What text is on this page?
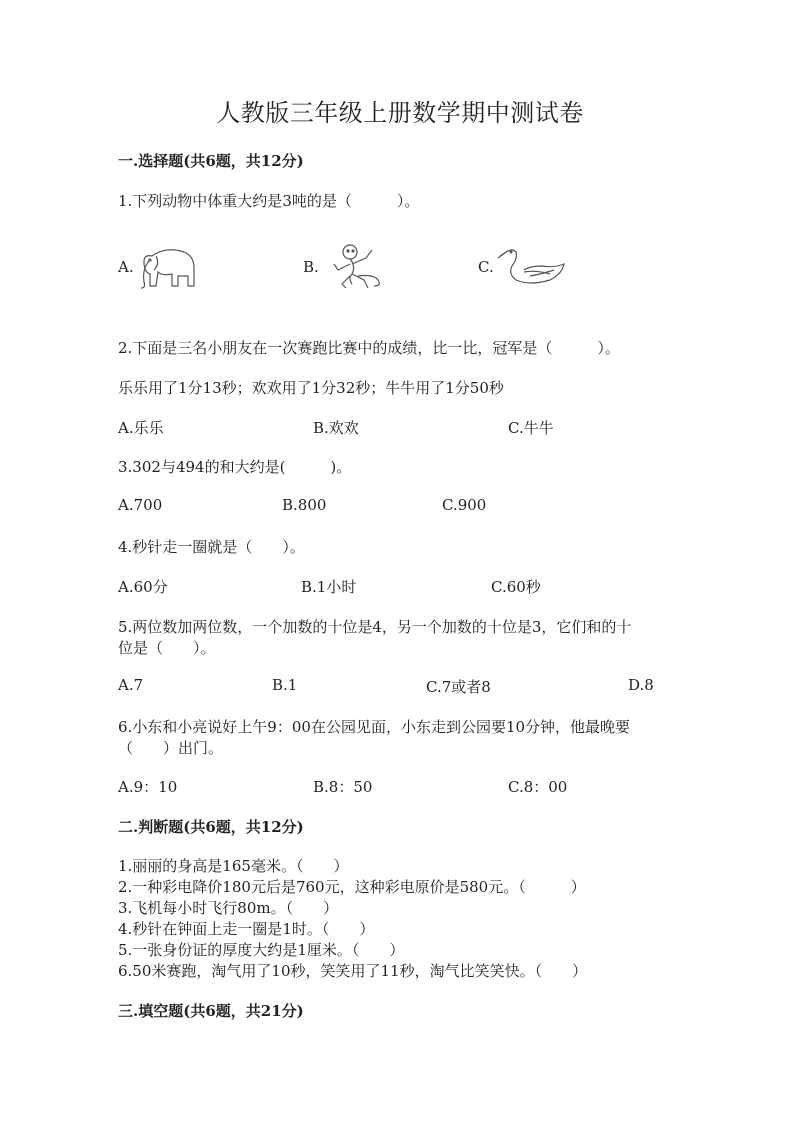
人教版三年级上册数学期中测试卷
一.选择题(共6题，共12分)
1.下列动物中体重大约是3吨的是（　　　）。
A.	B.	C.
2.下面是三名小朋友在一次赛跑比赛中的成绩，比一比，冠军是（　　　）。
乐乐用了1分13秒；欢欢用了1分32秒；牛牛用了1分50秒
A.乐乐	B.欢欢	C.牛牛
3.302与494的和大约是(　　　)。
A.700	B.800	C.900
4.秒针走一圈就是（　　）。
A.60分	B.1小时	C.60秒
5.两位数加两位数，一个加数的十位是4，另一个加数的十位是3，它们和的十
位是（　　）。
A.7	B.1	C.7或者8	D.8
6.小东和小亮说好上午9：00在公园见面，小东走到公园要10分钟，他最晚要
（　　）出门。
A.9：10	B.8：50	C.8：00
二.判断题(共6题，共12分)
1.丽丽的身高是165毫米。（　　）
2.一种彩电降价180元后是760元，这种彩电原价是580元。（　　　）
3.飞机每小时飞行80m。（　　）
4.秒针在钟面上走一圈是1时。（　　）
5.一张身份证的厚度大约是1厘米。（　　）
6.50米赛跑，淘气用了10秒，笑笑用了11秒，淘气比笑笑快。（　　）
三.填空题(共6题，共21分)
